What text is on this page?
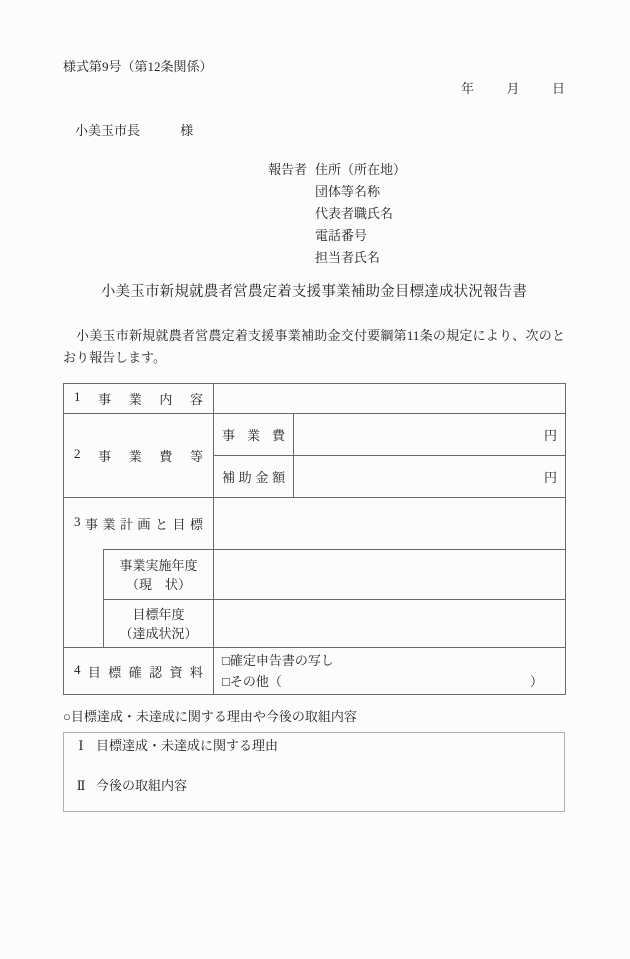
様式第9号（第12条関係）
年 月 日
小美玉市長	様
報告者 住所（所在地）
団体等名称
代表者職氏名
電話番号
担当者氏名
小美玉市新規就農者営農定着支援事業補助金目標達成状況報告書
小美玉市新規就農者営農定着支援事業補助金交付要綱第11条の規定により、次のとおり報告します。
1 事 業 内 容			

2 事 業 費 等		事 業 費	円

		補 助 金 額	円

3 事 業 計 画 と 目 標

	事業実施年度
（現　状）		

	目標年度
（達成状況）		

4 目 標 確 認 資 料

□確定申告書の写し
□その他（	）
○目標達成・未達成に関する理由や今後の取組内容
Ⅰ 目標達成・未達成に関する理由
Ⅱ 今後の取組内容
